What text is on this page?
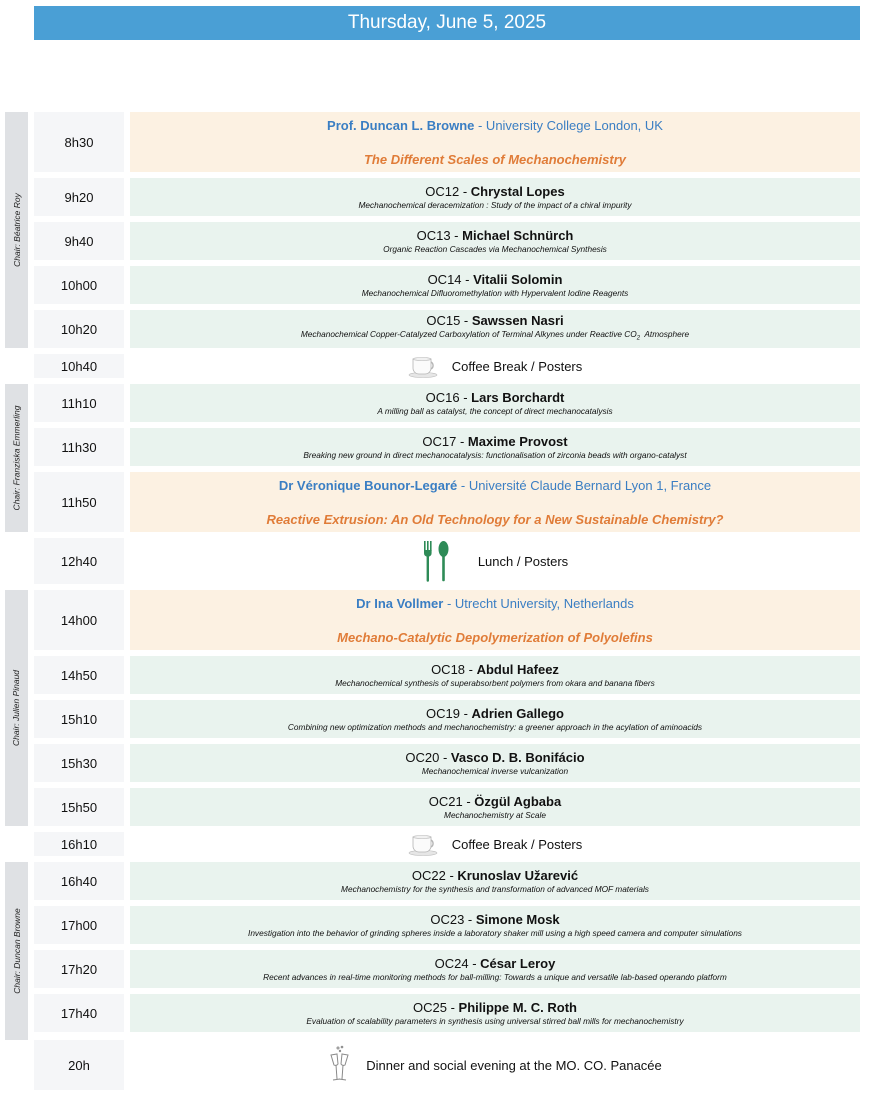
Thursday, June 5, 2025
Chair: Béatrice Roy
Chair: Franziska Emmerling
Chair: Julien Pinaud
Chair: Duncan Browne
8h30
Prof. Duncan L. Browne - University College London, UK
The Different Scales of Mechanochemistry
9h20	OC12 - Chrystal Lopes
Mechanochemical deracemization : Study of the impact of a chiral impurity
9h40	OC13 - Michael Schnürch
Organic Reaction Cascades via Mechanochemical Synthesis
10h00	OC14 - Vitalii Solomin
Mechanochemical Difluoromethylation with Hypervalent Iodine Reagents
10h20
OC15 - Sawssen Nasri
Mechanochemical Copper-Catalyzed Carboxylation of Terminal Alkynes under Reactive $CO_2$  Atmosphere
10h40	Coffee Break / Posters
11h10	OC16 - Lars Borchardt
A milling ball as catalyst, the concept of direct mechanocatalysis
11h30	OC17 - Maxime Provost
Breaking new ground in direct mechanocatalysis: functionalisation of zirconia beads with organo-catalyst
11h50
Dr Véronique Bounor-Legaré - Université Claude Bernard Lyon 1, France
Reactive Extrusion: An Old Technology for a New Sustainable Chemistry?
12h40	Lunch / Posters
14h00
Dr Ina Vollmer - Utrecht University, Netherlands
Mechano-Catalytic Depolymerization of Polyolefins
14h50	OC18 - Abdul Hafeez
Mechanochemical synthesis of superabsorbent polymers from okara and banana fibers
15h10	OC19 - Adrien Gallego
Combining new optimization methods and mechanochemistry: a greener approach in the acylation of aminoacids
15h30	OC20 - Vasco D. B. Bonifácio
Mechanochemical inverse vulcanization
15h50	OC21 - Özgül Agbaba
Mechanochemistry at Scale
16h10	Coffee Break / Posters
16h40	OC22 - Krunoslav Užarević
Mechanochemistry for the synthesis and transformation of advanced MOF materials
17h00	OC23 - Simone Mosk
Investigation into the behavior of grinding spheres inside a laboratory shaker mill using a high speed camera and computer simulations
17h20	OC24 - César Leroy
Recent advances in real-time monitoring methods for ball-milling: Towards a unique and versatile lab-based operando platform
17h40	OC25 - Philippe M. C. Roth
Evaluation of scalability parameters in synthesis using universal stirred ball mills for mechanochemistry
20h	Dinner and social evening at the MO. CO. Panacée
